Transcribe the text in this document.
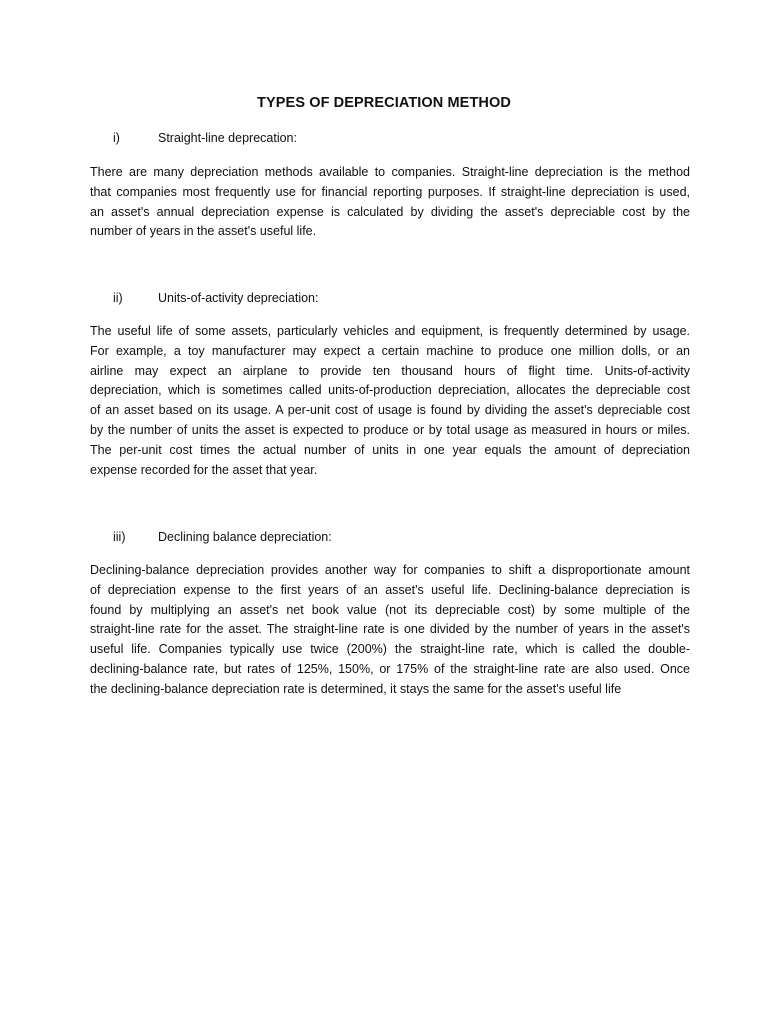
TYPES OF DEPRECIATION METHOD
i)	Straight-line deprecation:
There are many depreciation methods available to companies. Straight-line depreciation is the method
that companies most frequently use for financial reporting purposes. If straight-line depreciation is used,
an asset's annual depreciation expense is calculated by dividing the asset's depreciable cost by the
number of years in the asset's useful life.
ii)	Units-of-activity depreciation:
The useful life of some assets, particularly vehicles and equipment, is frequently determined by usage.
For example, a toy manufacturer may expect a certain machine to produce one million dolls, or an
airline may expect an airplane to provide ten thousand hours of flight time. Units-of-activity
depreciation, which is sometimes called units-of-production depreciation, allocates the depreciable cost
of an asset based on its usage. A per-unit cost of usage is found by dividing the asset's depreciable cost
by the number of units the asset is expected to produce or by total usage as measured in hours or miles.
The per-unit cost times the actual number of units in one year equals the amount of depreciation
expense recorded for the asset that year.
iii)	Declining balance depreciation:
Declining-balance depreciation provides another way for companies to shift a disproportionate amount
of depreciation expense to the first years of an asset's useful life. Declining-balance depreciation is
found by multiplying an asset's net book value (not its depreciable cost) by some multiple of the
straight-line rate for the asset. The straight-line rate is one divided by the number of years in the asset's
useful life. Companies typically use twice (200%) the straight-line rate, which is called the double-
declining-balance rate, but rates of 125%, 150%, or 175% of the straight-line rate are also used. Once
the declining-balance depreciation rate is determined, it stays the same for the asset's useful life
